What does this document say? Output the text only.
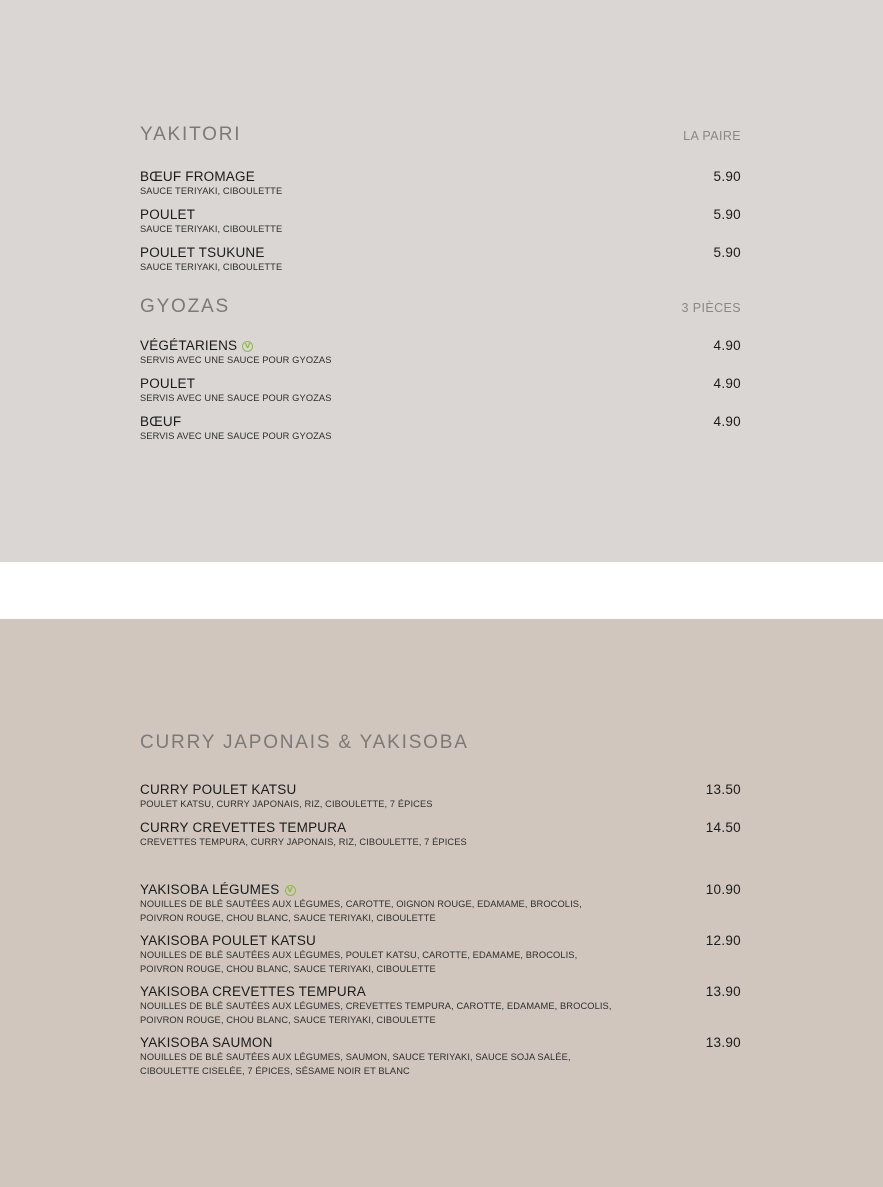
YAKITORI	LA PAIRE
BŒUF FROMAGE
SAUCE TERIYAKI, CIBOULETTE
5.90
POULET
SAUCE TERIYAKI, CIBOULETTE
5.90
POULET TSUKUNE
SAUCE TERIYAKI, CIBOULETTE
5.90
GYOZAS	3 PIÈCES
VÉGÉTARIENS V
SERVIS AVEC UNE SAUCE POUR GYOZAS
4.90
POULET
SERVIS AVEC UNE SAUCE POUR GYOZAS
4.90
BŒUF
SERVIS AVEC UNE SAUCE POUR GYOZAS
4.90
CURRY JAPONAIS & YAKISOBA
CURRY POULET KATSU
POULET KATSU, CURRY JAPONAIS, RIZ, CIBOULETTE, 7 ÉPICES
13.50
CURRY CREVETTES TEMPURA
CREVETTES TEMPURA, CURRY JAPONAIS, RIZ, CIBOULETTE, 7 ÉPICES
14.50
YAKISOBA LÉGUMES V
NOUILLES DE BLÉ SAUTÉES AUX LÉGUMES, CAROTTE, OIGNON ROUGE, EDAMAME, BROCOLIS,
POIVRON ROUGE, CHOU BLANC, SAUCE TERIYAKI, CIBOULETTE
10.90
YAKISOBA POULET KATSU
NOUILLES DE BLÉ SAUTÉES AUX LÉGUMES, POULET KATSU, CAROTTE, EDAMAME, BROCOLIS,
POIVRON ROUGE, CHOU BLANC, SAUCE TERIYAKI, CIBOULETTE
12.90
YAKISOBA CREVETTES TEMPURA
NOUILLES DE BLÉ SAUTÉES AUX LÉGUMES, CREVETTES TEMPURA, CAROTTE, EDAMAME, BROCOLIS,
POIVRON ROUGE, CHOU BLANC, SAUCE TERIYAKI, CIBOULETTE
13.90
YAKISOBA SAUMON
NOUILLES DE BLÉ SAUTÉES AUX LÉGUMES, SAUMON, SAUCE TERIYAKI, SAUCE SOJA SALÉE,
CIBOULETTE CISELÉE, 7 ÉPICES, SÉSAME NOIR ET BLANC
13.90
